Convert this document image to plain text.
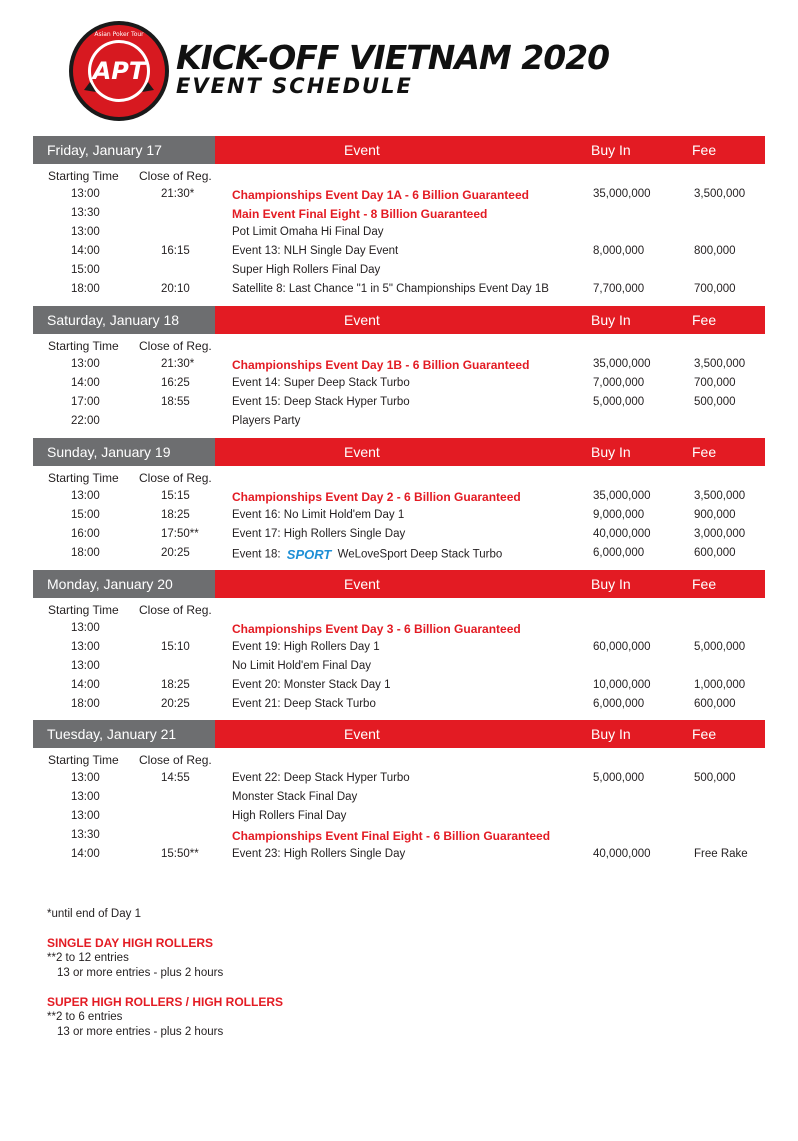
APT
Asian Poker Tour
KICK-OFF VIETNAM 2020
EVENT SCHEDULE
Friday, January 17	Event	Buy In	Fee
Starting Time Close of Reg.
13:00	21:30*	Championships Event Day 1A - 6 Billion Guaranteed	35,000,000	3,500,000
13:30	Main Event Final Eight - 8 Billion Guaranteed
13:00	Pot Limit Omaha Hi Final Day
14:00	16:15	Event 13: NLH Single Day Event	8,000,000	800,000
15:00	Super High Rollers Final Day
18:00	20:10	Satellite 8: Last Chance "1 in 5" Championships Event Day 1B	7,700,000	700,000
Saturday, January 18	Event	Buy In	Fee
Starting Time Close of Reg.
13:00	21:30*	Championships Event Day 1B - 6 Billion Guaranteed	35,000,000	3,500,000
14:00	16:25	Event 14: Super Deep Stack Turbo	7,000,000	700,000
17:00	18:55	Event 15: Deep Stack Hyper Turbo	5,000,000	500,000
22:00	Players Party
Sunday, January 19	Event	Buy In	Fee
Starting Time Close of Reg.
13:00	15:15	Championships Event Day 2 - 6 Billion Guaranteed	35,000,000	3,500,000
15:00	18:25	Event 16: No Limit Hold'em Day 1	9,000,000	900,000
16:00	17:50**	Event 17: High Rollers Single Day	40,000,000	3,000,000
18:00	20:25	Event 18: SPORT WeLoveSport Deep Stack Turbo	6,000,000	600,000
Monday, January 20	Event	Buy In	Fee
Starting Time Close of Reg.
13:00	Championships Event Day 3 - 6 Billion Guaranteed
13:00	15:10	Event 19: High Rollers Day 1	60,000,000	5,000,000
13:00	No Limit Hold'em Final Day
14:00	18:25	Event 20: Monster Stack Day 1	10,000,000	1,000,000
18:00	20:25	Event 21: Deep Stack Turbo	6,000,000	600,000
Tuesday, January 21	Event	Buy In	Fee
Starting Time Close of Reg.
13:00	14:55	Event 22: Deep Stack Hyper Turbo	5,000,000	500,000
13:00	Monster Stack Final Day
13:00	High Rollers Final Day
13:30	Championships Event Final Eight - 6 Billion Guaranteed
14:00	15:50**	Event 23: High Rollers Single Day	40,000,000	Free Rake
*until end of Day 1
SINGLE DAY HIGH ROLLERS
**2 to 12 entries
13 or more entries - plus 2 hours
SUPER HIGH ROLLERS / HIGH ROLLERS
**2 to 6 entries
13 or more entries - plus 2 hours
